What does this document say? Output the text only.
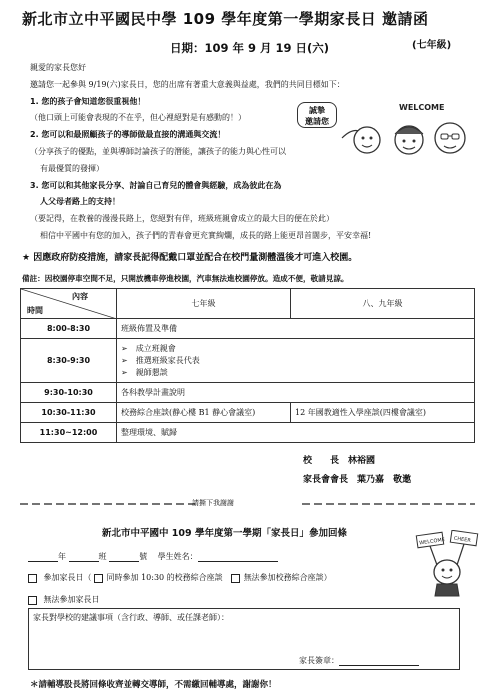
新北市立中平國民中學 109 學年度第一學期家長日 邀請函
日期：109 年 9 月 19 日(六)	(七年級)
親愛的家長您好
邀請您一起參與 9/19(六)家長日，您的出席有著重大意義與益處，我們的共同目標如下：
1. 您的孩子會知道您很重視他！
（他口頭上可能會表現的不在乎，但心裡絕對是有感動的！）
2. 您可以和最照顧孩子的導師做最直接的溝通與交流！
（分享孩子的優點，並與導師討論孩子的潛能，讓孩子的能力與心性可以
有最優質的發揮）
3. 您可以和其他家長分享、討論自己育兒的體會與經驗，成為彼此在為
人父母者路上的支持！
（要記得，在教養的漫漫長路上，您絕對有伴，班級班親會成立的最大目的便在於此）
相信中平國中有您的加入，孩子們的青春會更充實絢爛，成長的路上能更昂首闊步，平安幸福!
誠摯
邀請您
WELCOME
★ 因應政府防疫措施，請家長記得配戴口罩並配合在校門量測體溫後才可進入校園。
備註：因校園停車空間不足，只開放機車停進校園，汽車無法進校園停放。造成不便，敬請見諒。
內容
時間	七年級	八、九年級
8:00-8:30	班級佈置及準備	
8:30-9:30	➢　成立班親會
➢　推選班級家長代表
➢　親師懇談	

9:30-10:30	各科教學計畫說明	
10:30-11:30	校務綜合座談(静心樓 B1 静心會議室)	12 年國教適性入學座談(四樓會議室)
11:30~12:00	整理環境、賦歸	
校　　長　 林裕國
家長會會長　 葉乃嘉　 敬邀
請撕下我謝謝
新北市中平國中 109 學年度第一學期「家長日」參加回條
年	班	號 　 學生姓名：
參加家長日（ 同時參加 10:30 的校務綜合座談　	無法參加校務綜合座談）
無法參加家長日
家長對學校的建議事項（含行政、導師、或任課老師）：
家長簽章：
＊請輔導股長將回條收齊並轉交導師，不需繳回輔導處，謝謝你！
WELCOME CHEER
